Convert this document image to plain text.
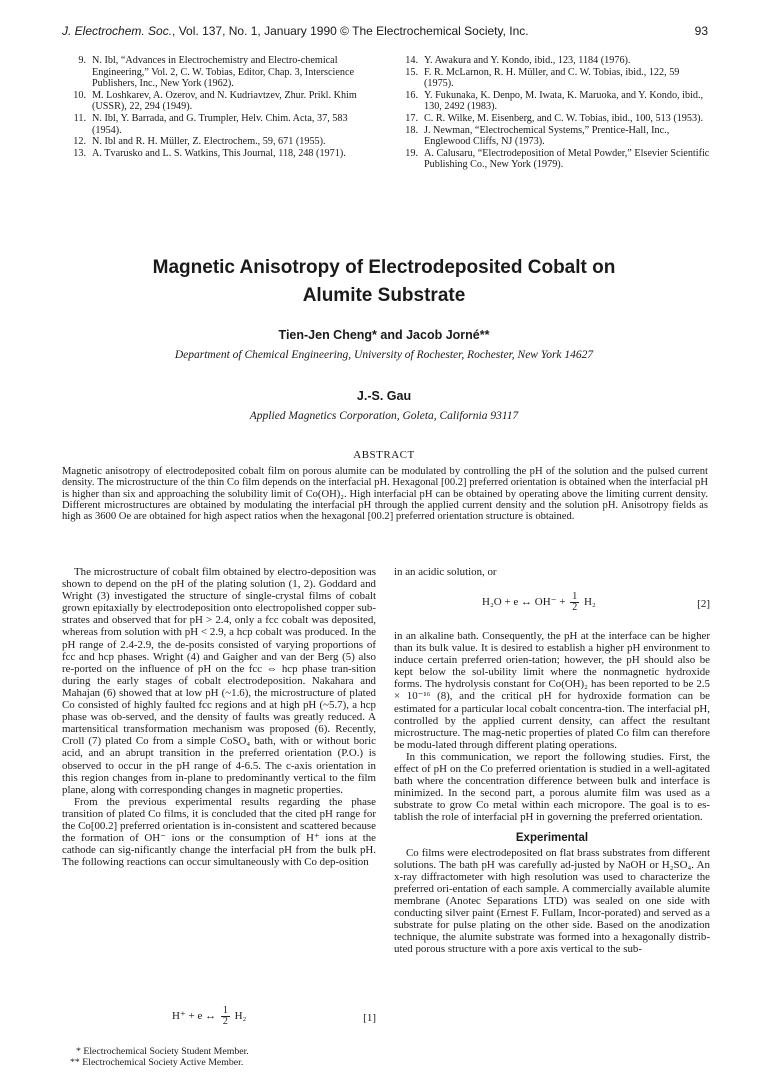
J. Electrochem. Soc., Vol. 137, No. 1, January 1990 © The Electrochemical Society, Inc.	93
9. N. Ibl, “Advances in Electrochemistry and Electro-chemical Engineering,” Vol. 2, C. W. Tobias, Editor, Chap. 3, Interscience Publishers, Inc., New York (1962).
10. M. Loshkarev, A. Ozerov, and N. Kudriavtzev, Zhur. Prikl. Khim (USSR), 22, 294 (1949).
11. N. Ibl, Y. Barrada, and G. Trumpler, Helv. Chim. Acta, 37, 583 (1954).
12. N. Ibl and R. H. Müller, Z. Electrochem., 59, 671 (1955).
13. A. Tvarusko and L. S. Watkins, This Journal, 118, 248 (1971).
14. Y. Awakura and Y. Kondo, ibid., 123, 1184 (1976).
15. F. R. McLarnon, R. H. Müller, and C. W. Tobias, ibid., 122, 59 (1975).
16. Y. Fukunaka, K. Denpo, M. Iwata, K. Maruoka, and Y. Kondo, ibid., 130, 2492 (1983).
17. C. R. Wilke, M. Eisenberg, and C. W. Tobias, ibid., 100, 513 (1953).
18. J. Newman, “Electrochemical Systems,” Prentice-Hall, Inc., Englewood Cliffs, NJ (1973).
19. A. Calusaru, “Electrodeposition of Metal Powder,” Elsevier Scientific Publishing Co., New York (1979).
Magnetic Anisotropy of Electrodeposited Cobalt on
Alumite Substrate
Tien-Jen Cheng* and Jacob Jorné**
Department of Chemical Engineering, University of Rochester, Rochester, New York 14627
J.-S. Gau
Applied Magnetics Corporation, Goleta, California 93117
ABSTRACT
Magnetic anisotropy of electrodeposited cobalt film on porous alumite can be modulated by controlling the pH of the solution and the pulsed current density. The microstructure of the thin Co film depends on the interfacial pH. Hexagonal [00.2] preferred orientation is obtained when the interfacial pH is higher than six and approaching the solubility limit of Co(OH)₂. High interfacial pH can be obtained by operating above the limiting current density. Different microstructures are obtained by modulating the interfacial pH through the applied current density and the solution pH. Anisotropy fields as high as 3600 Oe are obtained for high aspect ratios when the hexagonal [00.2] preferred orientation structure is obtained.

The microstructure of cobalt film obtained by electro-deposition was shown to depend on the pH of the plating solution (1, 2). Goddard and Wright (3) investigated the structure of single-crystal films of cobalt grown epitaxially by electrodeposition onto electropolished copper sub-strates and observed that for pH > 2.4, only a fcc cobalt was deposited, whereas from solution with pH < 2.9, a hcp cobalt was produced. In the pH range of 2.4-2.9, the de-posits consisted of varying proportions of fcc and hcp phases. Wright (4) and Gaigher and van der Berg (5) also re-ported on the influence of pH on the fcc ⇔ hcp phase tran-sition during the early stages of cobalt electrodeposition. Nakahara and Mahajan (6) showed that at low pH (~1.6), the microstructure of plated Co consisted of highly faulted fcc regions and at high pH (~5.7), a hcp phase was ob-served, and the density of faults was greatly reduced. A martensitical transformation mechanism was proposed (6). Recently, Croll (7) plated Co from a simple CoSO₄ bath, with or without boric acid, and an abrupt transition in the preferred orientation (P.O.) is observed to occur in the pH range of 4-6.5. The c-axis orientation in this region changes from in-plane to predominantly vertical to the film plane, along with corresponding changes in magnetic properties.

From the previous experimental results regarding the phase transition of plated Co films, it is concluded that the cited pH range for the Co[00.2] preferred orientation is in-consistent and scattered because the formation of OH⁻ ions or the consumption of H⁺ ions at the cathode can sig-nificantly change the interfacial pH from the bulk pH. The following reactions can occur simultaneously with Co dep-osition

H⁺ + e ↔ $\frac{1}{2} H_2$	[1]
* Electrochemical Society Student Member.
** Electrochemical Society Active Member.

in an acidic solution, or

H₂O + e ↔ $OH^- + \frac{1}{2} H_2$	[2]

in an alkaline bath. Consequently, the pH at the interface can be higher than its bulk value. It is desired to establish a higher pH environment to induce certain preferred orien-tation; however, the pH should also be kept below the sol-ubility limit where the nonmagnetic hydroxide forms. The hydrolysis constant for Co(OH)₂ has been reported to be 2.5 × 10⁻¹⁶ (8), and the critical pH for hydroxide formation can be estimated for a particular local cobalt concentra-tion. The interfacial pH, controlled by the applied current density, can affect the resultant microstructure. The mag-netic properties of plated Co film can therefore be modu-lated through different plating operations.

In this communication, we report the following studies. First, the effect of pH on the Co preferred orientation is studied in a well-agitated bath where the concentration difference between bulk and interface is minimized. In the second part, a porous alumite film was used as a substrate to grow Co metal within each micropore. The goal is to es-tablish the role of interfacial pH in governing the preferred orientation.

Experimental

Co films were electrodeposited on flat brass substrates from different solutions. The bath pH was carefully ad-justed by NaOH or H₂SO₄. An x-ray diffractometer with high resolution was used to characterize the preferred ori-entation of each sample. A commercially available alumite membrane (Anotec Separations LTD) was sealed on one side with conducting silver paint (Ernest F. Fullam, Incor-porated) and served as a substrate for pulse plating on the other side. Based on the anodization technique, the alumite substrate was formed into a hexagonally distrib-uted porous structure with a pore axis vertical to the sub-
